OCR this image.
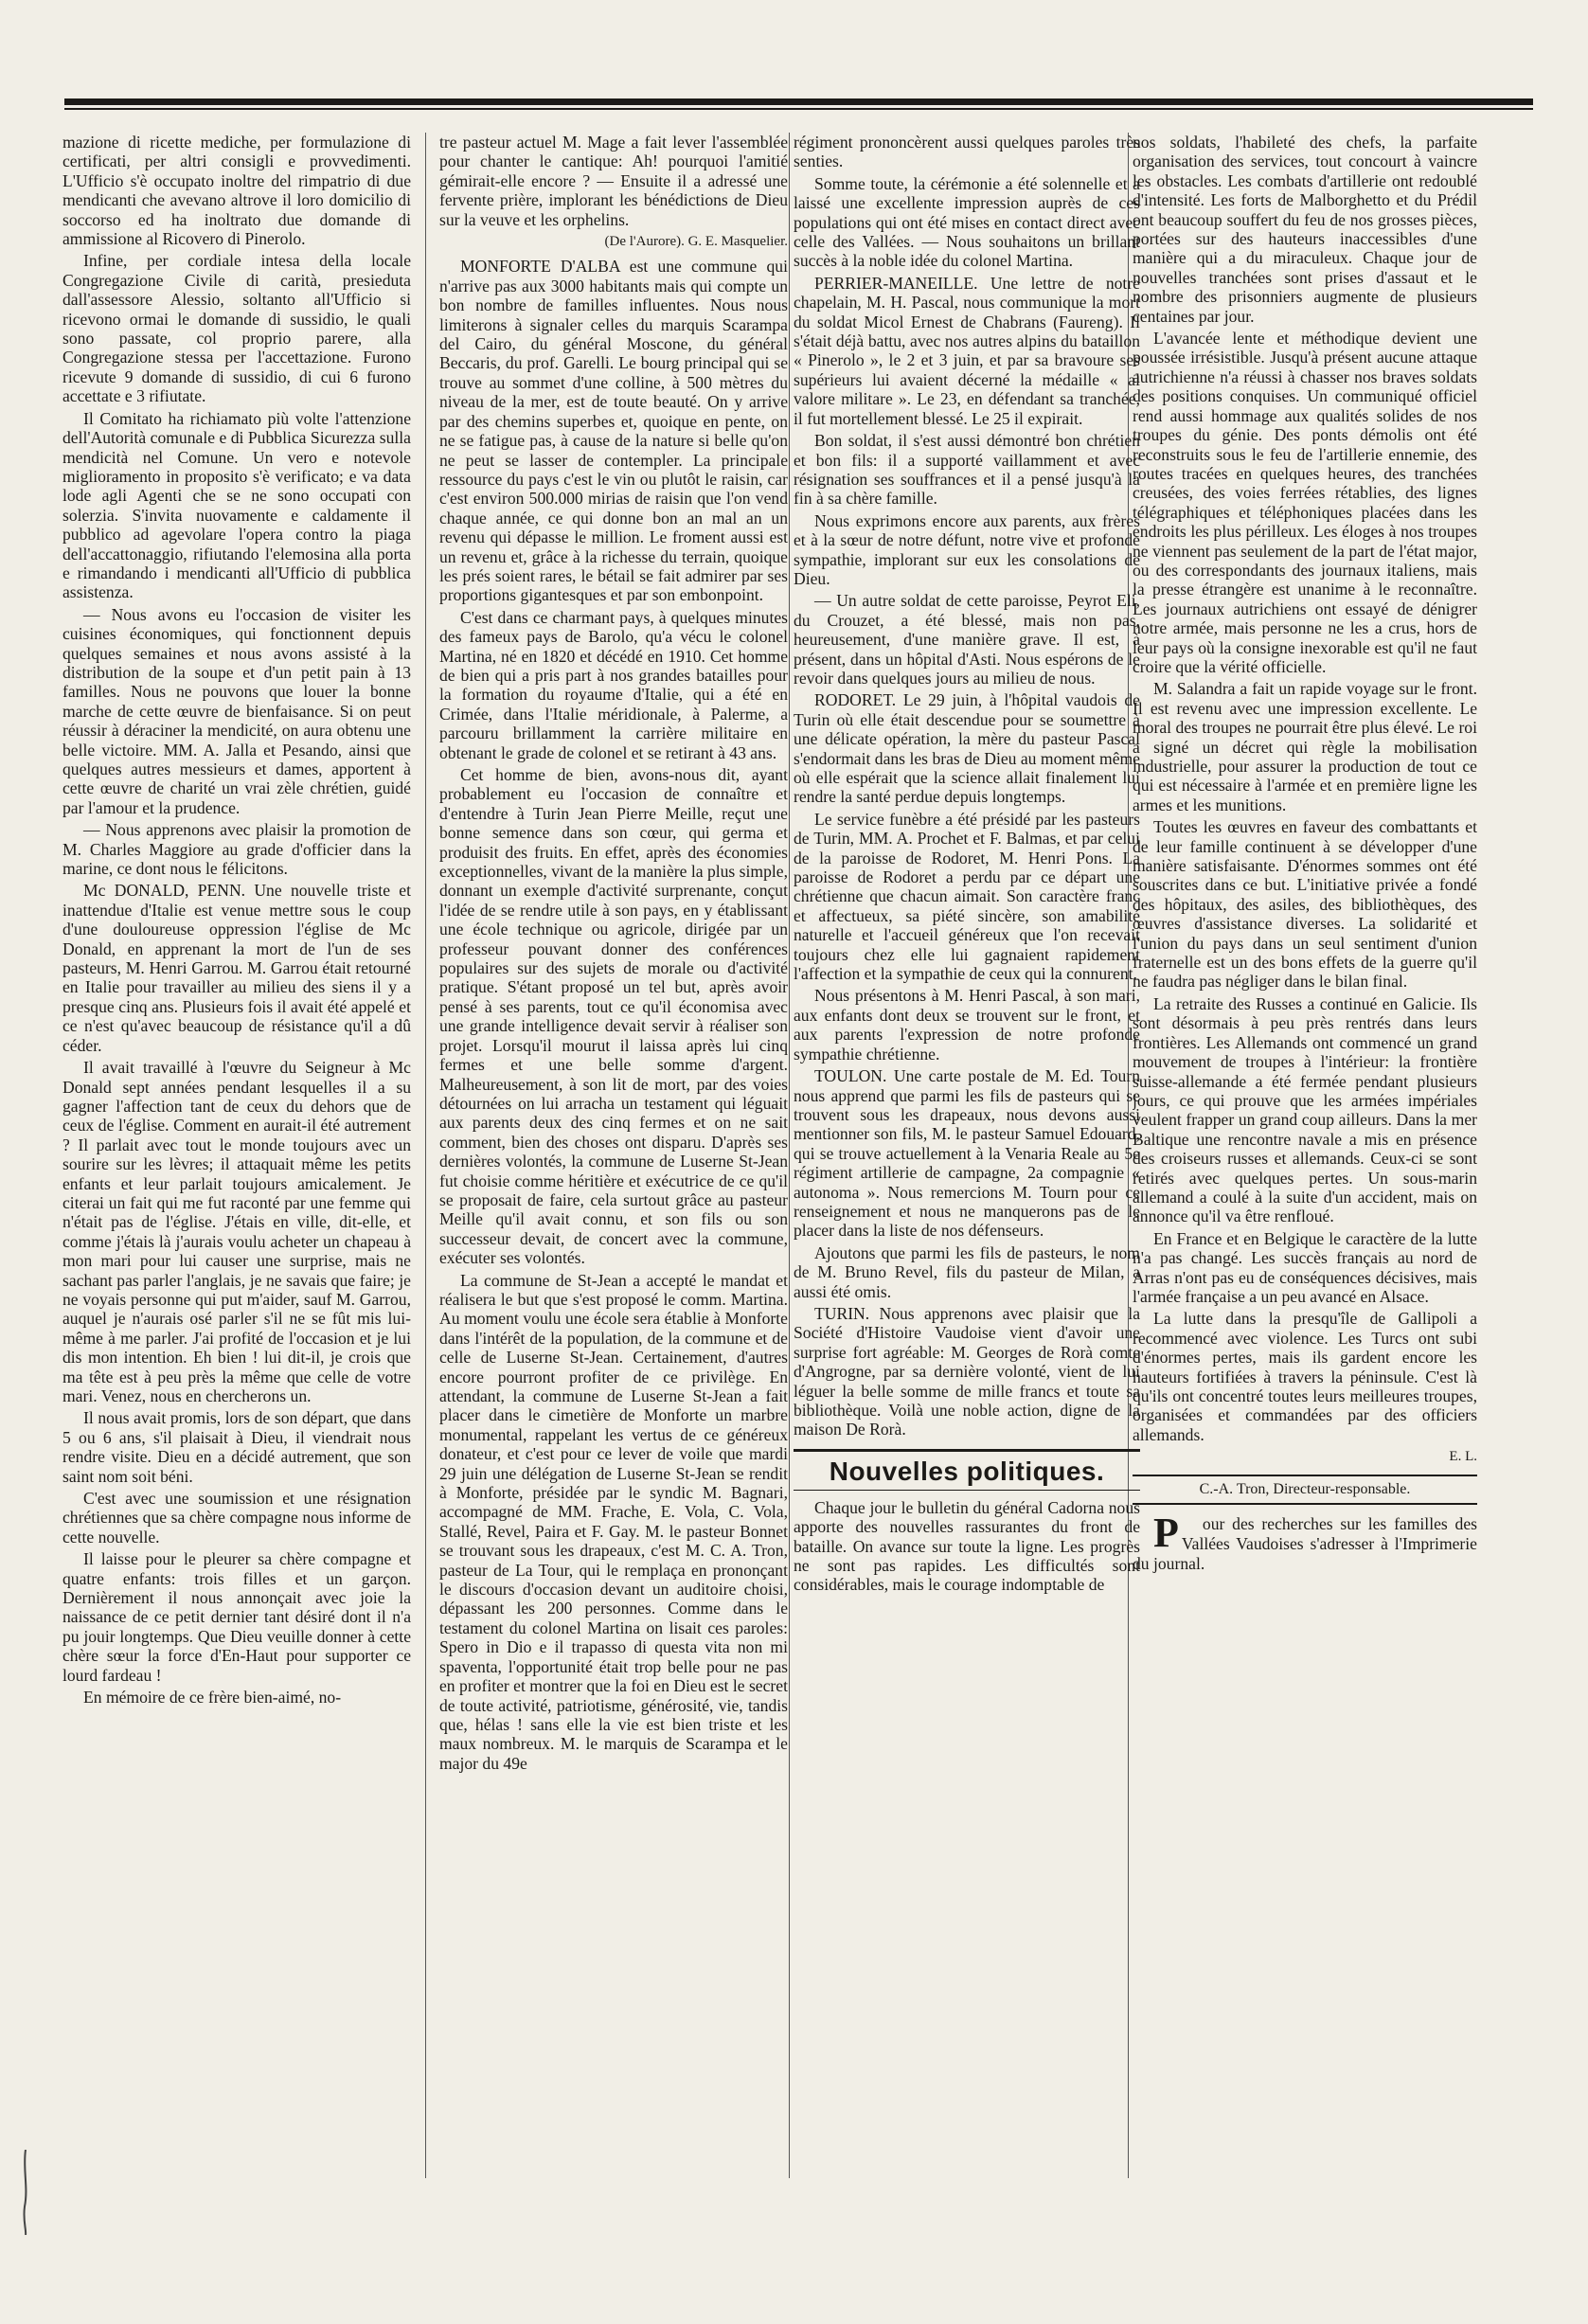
mazione di ricette mediche, per formulazione di certificati, per altri consigli e provvedimenti. L'Ufficio s'è occupato inoltre del rimpatrio di due mendicanti che avevano altrove il loro domicilio di soccorso ed ha inoltrato due domande di ammissione al Ricovero di Pinerolo.

Infine, per cordiale intesa della locale Congregazione Civile di carità, presieduta dall'assessore Alessio, soltanto all'Ufficio si ricevono ormai le domande di sussidio, le quali sono passate, col proprio parere, alla Congregazione stessa per l'accettazione. Furono ricevute 9 domande di sussidio, di cui 6 furono accettate e 3 rifiutate.

Il Comitato ha richiamato più volte l'attenzione dell'Autorità comunale e di Pubblica Sicurezza sulla mendicità nel Comune. Un vero e notevole miglioramento in proposito s'è verificato; e va data lode agli Agenti che se ne sono occupati con solerzia. S'invita nuovamente e caldamente il pubblico ad agevolare l'opera contro la piaga dell'accattonaggio, rifiutando l'elemosina alla porta e rimandando i mendicanti all'Ufficio di pubblica assistenza.

— Nous avons eu l'occasion de visiter les cuisines économiques, qui fonctionnent depuis quelques semaines et nous avons assisté à la distribution de la soupe et d'un petit pain à 13 familles. Nous ne pouvons que louer la bonne marche de cette œuvre de bienfaisance. Si on peut réussir à déraciner la mendicité, on aura obtenu une belle victoire. MM. A. Jalla et Pesando, ainsi que quelques autres messieurs et dames, apportent à cette œuvre de charité un vrai zèle chrétien, guidé par l'amour et la prudence.

— Nous apprenons avec plaisir la promotion de M. Charles Maggiore au grade d'officier dans la marine, ce dont nous le félicitons.

Mc DONALD, PENN. Une nouvelle triste et inattendue d'Italie est venue mettre sous le coup d'une douloureuse oppression l'église de Mc Donald, en apprenant la mort de l'un de ses pasteurs, M. Henri Garrou. M. Garrou était retourné en Italie pour travailler au milieu des siens il y a presque cinq ans. Plusieurs fois il avait été appelé et ce n'est qu'avec beaucoup de résistance qu'il a dû céder.

Il avait travaillé à l'œuvre du Seigneur à Mc Donald sept années pendant lesquelles il a su gagner l'affection tant de ceux du dehors que de ceux de l'église. Comment en aurait-il été autrement ? Il parlait avec tout le monde toujours avec un sourire sur les lèvres; il attaquait même les petits enfants et leur parlait toujours amicalement. Je citerai un fait qui me fut raconté par une femme qui n'était pas de l'église. J'étais en ville, dit-elle, et comme j'étais là j'aurais voulu acheter un chapeau à mon mari pour lui causer une surprise, mais ne sachant pas parler l'anglais, je ne savais que faire; je ne voyais personne qui put m'aider, sauf M. Garrou, auquel je n'aurais osé parler s'il ne se fût mis lui-même à me parler. J'ai profité de l'occasion et je lui dis mon intention. Eh bien ! lui dit-il, je crois que ma tête est à peu près la même que celle de votre mari. Venez, nous en chercherons un.

Il nous avait promis, lors de son départ, que dans 5 ou 6 ans, s'il plaisait à Dieu, il viendrait nous rendre visite. Dieu en a décidé autrement, que son saint nom soit béni.

C'est avec une soumission et une résignation chrétiennes que sa chère compagne nous informe de cette nouvelle.

Il laisse pour le pleurer sa chère compagne et quatre enfants: trois filles et un garçon. Dernièrement il nous annonçait avec joie la naissance de ce petit dernier tant désiré dont il n'a pu jouir longtemps. Que Dieu veuille donner à cette chère sœur la force d'En-Haut pour supporter ce lourd fardeau !

En mémoire de ce frère bien-aimé, no-

tre pasteur actuel M. Mage a fait lever l'assemblée pour chanter le cantique: Ah! pourquoi l'amitié gémirait-elle encore ? — Ensuite il a adressé une fervente prière, implorant les bénédictions de Dieu sur la veuve et les orphelins.

(De l'Aurore). G. E. Masquelier.

MONFORTE D'ALBA est une commune qui n'arrive pas aux 3000 habitants mais qui compte un bon nombre de familles influentes. Nous nous limiterons à signaler celles du marquis Scarampa del Cairo, du général Moscone, du général Beccaris, du prof. Garelli. Le bourg principal qui se trouve au sommet d'une colline, à 500 mètres du niveau de la mer, est de toute beauté. On y arrive par des chemins superbes et, quoique en pente, on ne se fatigue pas, à cause de la nature si belle qu'on ne peut se lasser de contempler. La principale ressource du pays c'est le vin ou plutôt le raisin, car c'est environ 500.000 mirias de raisin que l'on vend chaque année, ce qui donne bon an mal an un revenu qui dépasse le million. Le froment aussi est un revenu et, grâce à la richesse du terrain, quoique les prés soient rares, le bétail se fait admirer par ses proportions gigantesques et par son embonpoint.

C'est dans ce charmant pays, à quelques minutes des fameux pays de Barolo, qu'a vécu le colonel Martina, né en 1820 et décédé en 1910. Cet homme de bien qui a pris part à nos grandes batailles pour la formation du royaume d'Italie, qui a été en Crimée, dans l'Italie méridionale, à Palerme, a parcouru brillamment la carrière militaire en obtenant le grade de colonel et se retirant à 43 ans.

Cet homme de bien, avons-nous dit, ayant probablement eu l'occasion de connaître et d'entendre à Turin Jean Pierre Meille, reçut une bonne semence dans son cœur, qui germa et produisit des fruits. En effet, après des économies exceptionnelles, vivant de la manière la plus simple, donnant un exemple d'activité surprenante, conçut l'idée de se rendre utile à son pays, en y établissant une école technique ou agricole, dirigée par un professeur pouvant donner des conférences populaires sur des sujets de morale ou d'activité pratique. S'étant proposé un tel but, après avoir pensé à ses parents, tout ce qu'il économisa avec une grande intelligence devait servir à réaliser son projet. Lorsqu'il mourut il laissa après lui cinq fermes et une belle somme d'argent. Malheureusement, à son lit de mort, par des voies détournées on lui arracha un testament qui léguait aux parents deux des cinq fermes et on ne sait comment, bien des choses ont disparu. D'après ses dernières volontés, la commune de Luserne St-Jean fut choisie comme héritière et exécutrice de ce qu'il se proposait de faire, cela surtout grâce au pasteur Meille qu'il avait connu, et son fils ou son successeur devait, de concert avec la commune, exécuter ses volontés.

La commune de St-Jean a accepté le mandat et réalisera le but que s'est proposé le comm. Martina. Au moment voulu une école sera établie à Monforte dans l'intérêt de la population, de la commune et de celle de Luserne St-Jean. Certainement, d'autres encore pourront profiter de ce privilège. En attendant, la commune de Luserne St-Jean a fait placer dans le cimetière de Monforte un marbre monumental, rappelant les vertus de ce généreux donateur, et c'est pour ce lever de voile que mardi 29 juin une délégation de Luserne St-Jean se rendit à Monforte, présidée par le syndic M. Bagnari, accompagné de MM. Frache, E. Vola, C. Vola, Stallé, Revel, Paira et F. Gay. M. le pasteur Bonnet se trouvant sous les drapeaux, c'est M. C. A. Tron, pasteur de La Tour, qui le remplaça en prononçant le discours d'occasion devant un auditoire choisi, dépassant les 200 personnes. Comme dans le testament du colonel Martina on lisait ces paroles: Spero in Dio e il trapasso di questa vita non mi spaventa, l'opportunité était trop belle pour ne pas en profiter et montrer que la foi en Dieu est le secret de toute activité, patriotisme, générosité, vie, tandis que, hélas ! sans elle la vie est bien triste et les maux nombreux. M. le marquis de Scarampa et le major du 49e

régiment prononcèrent aussi quelques paroles très senties.

Somme toute, la cérémonie a été solennelle et a laissé une excellente impression auprès de ces populations qui ont été mises en contact direct avec celle des Vallées. — Nous souhaitons un brillant succès à la noble idée du colonel Martina.

PERRIER-MANEILLE. Une lettre de notre chapelain, M. H. Pascal, nous communique la mort du soldat Micol Ernest de Chabrans (Faureng). Il s'était déjà battu, avec nos autres alpins du bataillon « Pinerolo », le 2 et 3 juin, et par sa bravoure ses supérieurs lui avaient décerné la médaille « al valore militare ». Le 23, en défendant sa tranchée, il fut mortellement blessé. Le 25 il expirait.

Bon soldat, il s'est aussi démontré bon chrétien et bon fils: il a supporté vaillamment et avec résignation ses souffrances et il a pensé jusqu'à la fin à sa chère famille.

Nous exprimons encore aux parents, aux frères et à la sœur de notre défunt, notre vive et profonde sympathie, implorant sur eux les consolations de Dieu.

— Un autre soldat de cette paroisse, Peyrot Eli, du Crouzet, a été blessé, mais non pas, heureusement, d'une manière grave. Il est, à présent, dans un hôpital d'Asti. Nous espérons de le revoir dans quelques jours au milieu de nous.

RODORET. Le 29 juin, à l'hôpital vaudois de Turin où elle était descendue pour se soumettre à une délicate opération, la mère du pasteur Pascal s'endormait dans les bras de Dieu au moment même où elle espérait que la science allait finalement lui rendre la santé perdue depuis longtemps.

Le service funèbre a été présidé par les pasteurs de Turin, MM. A. Prochet et F. Balmas, et par celui de la paroisse de Rodoret, M. Henri Pons. La paroisse de Rodoret a perdu par ce départ une chrétienne que chacun aimait. Son caractère franc et affectueux, sa piété sincère, son amabilité naturelle et l'accueil généreux que l'on recevait toujours chez elle lui gagnaient rapidement l'affection et la sympathie de ceux qui la connurent.

Nous présentons à M. Henri Pascal, à son mari, aux enfants dont deux se trouvent sur le front, et aux parents l'expression de notre profonde sympathie chrétienne.

TOULON. Une carte postale de M. Ed. Tourn nous apprend que parmi les fils de pasteurs qui se trouvent sous les drapeaux, nous devons aussi mentionner son fils, M. le pasteur Samuel Edouard, qui se trouve actuellement à la Venaria Reale au 5e régiment artillerie de campagne, 2a compagnie « autonoma ». Nous remercions M. Tourn pour ce renseignement et nous ne manquerons pas de le placer dans la liste de nos défenseurs.

Ajoutons que parmi les fils de pasteurs, le nom de M. Bruno Revel, fils du pasteur de Milan, a aussi été omis.

TURIN. Nous apprenons avec plaisir que la Société d'Histoire Vaudoise vient d'avoir une surprise fort agréable: M. Georges de Rorà comte d'Angrogne, par sa dernière volonté, vient de lui léguer la belle somme de mille francs et toute sa bibliothèque. Voilà une noble action, digne de la maison De Rorà.

Nouvelles politiques.

Chaque jour le bulletin du général Cadorna nous apporte des nouvelles rassurantes du front de bataille. On avance sur toute la ligne. Les progrès ne sont pas rapides. Les difficultés sont considérables, mais le courage indomptable de

nos soldats, l'habileté des chefs, la parfaite organisation des services, tout concourt à vaincre les obstacles. Les combats d'artillerie ont redoublé d'intensité. Les forts de Malborghetto et du Prédil ont beaucoup souffert du feu de nos grosses pièces, portées sur des hauteurs inaccessibles d'une manière qui a du miraculeux. Chaque jour de nouvelles tranchées sont prises d'assaut et le nombre des prisonniers augmente de plusieurs centaines par jour.

L'avancée lente et méthodique devient une poussée irrésistible. Jusqu'à présent aucune attaque autrichienne n'a réussi à chasser nos braves soldats des positions conquises. Un communiqué officiel rend aussi hommage aux qualités solides de nos troupes du génie. Des ponts démolis ont été reconstruits sous le feu de l'artillerie ennemie, des routes tracées en quelques heures, des tranchées creusées, des voies ferrées rétablies, des lignes télégraphiques et téléphoniques placées dans les endroits les plus périlleux. Les éloges à nos troupes ne viennent pas seulement de la part de l'état major, ou des correspondants des journaux italiens, mais la presse étrangère est unanime à le reconnaître. Les journaux autrichiens ont essayé de dénigrer notre armée, mais personne ne les a crus, hors de leur pays où la consigne inexorable est qu'il ne faut croire que la vérité officielle.

M. Salandra a fait un rapide voyage sur le front. Il est revenu avec une impression excellente. Le moral des troupes ne pourrait être plus élevé. Le roi a signé un décret qui règle la mobilisation industrielle, pour assurer la production de tout ce qui est nécessaire à l'armée et en première ligne les armes et les munitions.

Toutes les œuvres en faveur des combattants et de leur famille continuent à se développer d'une manière satisfaisante. D'énormes sommes ont été souscrites dans ce but. L'initiative privée a fondé des hôpitaux, des asiles, des bibliothèques, des œuvres d'assistance diverses. La solidarité et l'union du pays dans un seul sentiment d'union fraternelle est un des bons effets de la guerre qu'il ne faudra pas négliger dans le bilan final.

La retraite des Russes a continué en Galicie. Ils sont désormais à peu près rentrés dans leurs frontières. Les Allemands ont commencé un grand mouvement de troupes à l'intérieur: la frontière suisse-allemande a été fermée pendant plusieurs jours, ce qui prouve que les armées impériales veulent frapper un grand coup ailleurs. Dans la mer Baltique une rencontre navale a mis en présence des croiseurs russes et allemands. Ceux-ci se sont retirés avec quelques pertes. Un sous-marin allemand a coulé à la suite d'un accident, mais on annonce qu'il va être renfloué.

En France et en Belgique le caractère de la lutte n'a pas changé. Les succès français au nord de Arras n'ont pas eu de conséquences décisives, mais l'armée française a un peu avancé en Alsace.

La lutte dans la presqu'île de Gallipoli a recommencé avec violence. Les Turcs ont subi d'énormes pertes, mais ils gardent encore les hauteurs fortifiées à travers la péninsule. C'est là qu'ils ont concentré toutes leurs meilleures troupes, organisées et commandées par des officiers allemands.

E. L.
C.-A. Tron, Directeur-responsable.

P our des recherches sur les familles des Vallées Vaudoises s'adresser à l'Imprimerie du journal.
